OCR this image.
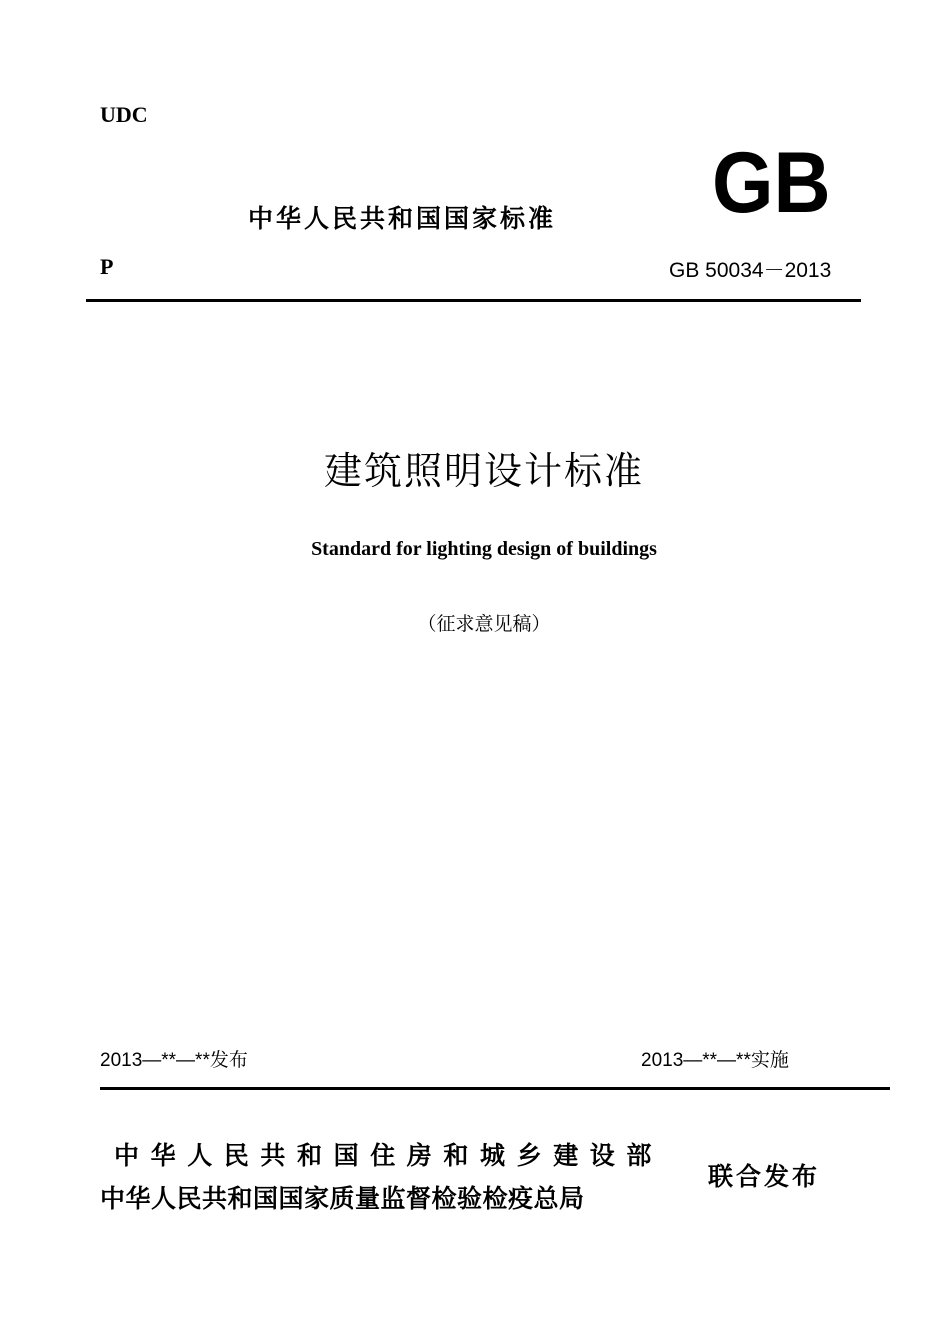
UDC
中华人民共和国国家标准 GB
P	GB 50034－2013
建筑照明设计标准
Standard for lighting design of buildings
（征求意见稿）
2013—**—**发布	2013—**—**实施
中华人民共和国住房和城乡建设部
中华人民共和国国家质量监督检验检疫总局
联合发布
